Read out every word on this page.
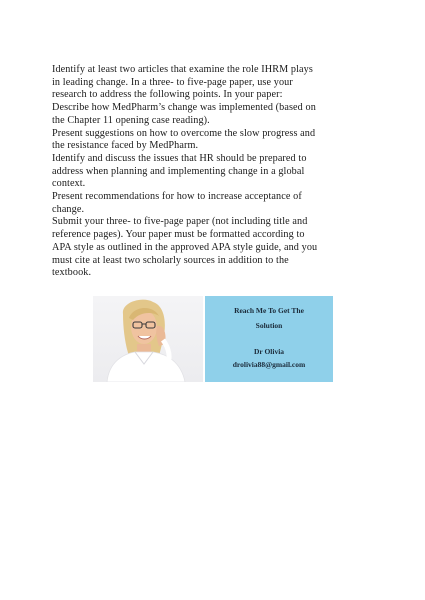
Identify at least two articles that examine the role IHRM plays
in leading change. In a three- to five-page paper, use your
research to address the following points. In your paper:
Describe how MedPharm’s change was implemented (based on
the Chapter 11 opening case reading).
Present suggestions on how to overcome the slow progress and
the resistance faced by MedPharm.
Identify and discuss the issues that HR should be prepared to
address when planning and implementing change in a global
context.
Present recommendations for how to increase acceptance of
change.
Submit your three- to five-page paper (not including title and
reference pages). Your paper must be formatted according to
APA style as outlined in the approved APA style guide, and you
must cite at least two scholarly sources in addition to the
textbook.
Reach Me To Get The
Solution
Dr Olivia
drolivia88@gmail.com
